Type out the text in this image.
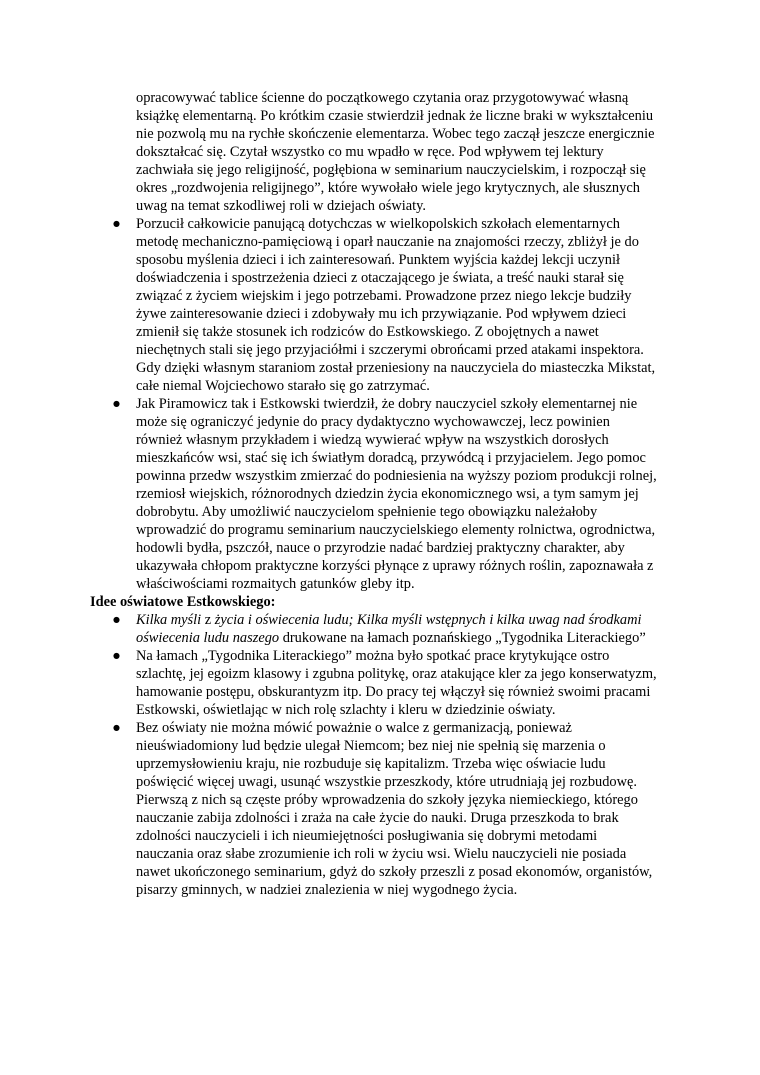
opracowywać tablice ścienne do początkowego czytania oraz przygotowywać własną książkę elementarną. Po krótkim czasie stwierdził jednak że liczne braki w wykształceniu nie pozwolą mu na rychłe skończenie elementarza. Wobec tego zaczął jeszcze energicznie dokształcać się. Czytał wszystko co mu wpadło w ręce. Pod wpływem tej lektury zachwiała się jego religijność, pogłębiona w seminarium nauczycielskim, i rozpoczął się okres „rozdwojenia religijnego”, które wywołało wiele jego krytycznych, ale słusznych uwag na temat szkodliwej roli w dziejach oświaty.

● Porzucił całkowicie panującą dotychczas w wielkopolskich szkołach elementarnych metodę mechaniczno-pamięciową i oparł nauczanie na znajomości rzeczy, zbliżył je do sposobu myślenia dzieci i ich zainteresowań. Punktem wyjścia każdej lekcji uczynił doświadczenia i spostrzeżenia dzieci z otaczającego je świata, a treść nauki starał się związać z życiem wiejskim i jego potrzebami. Prowadzone przez niego lekcje budziły żywe zainteresowanie dzieci i zdobywały mu ich przywiązanie. Pod wpływem dzieci zmienił się także stosunek ich rodziców do Estkowskiego. Z obojętnych a nawet niechętnych stali się jego przyjaciółmi i szczerymi obrońcami przed atakami inspektora. Gdy dzięki własnym staraniom został przeniesiony na nauczyciela do miasteczka Mikstat, całe niemal Wojciechowo starało się go zatrzymać.

● Jak Piramowicz tak i Estkowski twierdził, że dobry nauczyciel szkoły elementarnej nie może się ograniczyć jedynie do pracy dydaktyczno wychowawczej, lecz powinien również własnym przykładem i wiedzą wywierać wpływ na wszystkich dorosłych mieszkańców wsi, stać się ich światłym doradcą, przywódcą i przyjacielem. Jego pomoc powinna przedw wszystkim zmierzać do podniesienia na wyższy poziom produkcji rolnej, rzemiosł wiejskich, różnorodnych dziedzin życia ekonomicznego wsi, a tym samym jej dobrobytu. Aby umożliwić nauczycielom spełnienie tego obowiązku należałoby wprowadzić do programu seminarium nauczycielskiego elementy rolnictwa, ogrodnictwa, hodowli bydła, pszczół, nauce o przyrodzie nadać bardziej praktyczny charakter, aby ukazywała chłopom praktyczne korzyści płynące z uprawy różnych roślin, zapoznawała z właściwościami rozmaitych gatunków gleby itp.

Idee oświatowe Estkowskiego:

● Kilka myśli z życia i oświecenia ludu; Kilka myśli wstępnych i kilka uwag nad środkami oświecenia ludu naszego drukowane na łamach poznańskiego „Tygodnika Literackiego”

● Na łamach „Tygodnika Literackiego” można było spotkać prace krytykujące ostro szlachtę, jej egoizm klasowy i zgubna politykę, oraz atakujące kler za jego konserwatyzm, hamowanie postępu, obskurantyzm itp. Do pracy tej włączył się również swoimi pracami Estkowski, oświetlając w nich rolę szlachty i kleru w dziedzinie oświaty.

● Bez oświaty nie można mówić poważnie o walce z germanizacją, ponieważ nieuświadomiony lud będzie ulegał Niemcom; bez niej nie spełnią się marzenia o uprzemysłowieniu kraju, nie rozbuduje się kapitalizm. Trzeba więc oświacie ludu poświęcić więcej uwagi, usunąć wszystkie przeszkody, które utrudniają jej rozbudowę. Pierwszą z nich są częste próby wprowadzenia do szkoły języka niemieckiego, którego nauczanie zabija zdolności i zraża na całe życie do nauki. Druga przeszkoda to brak zdolności nauczycieli i ich nieumiejętności posługiwania się dobrymi metodami nauczania oraz słabe zrozumienie ich roli w życiu wsi. Wielu nauczycieli nie posiada nawet ukończonego seminarium, gdyż do szkoły przeszli z posad ekonomów, organistów, pisarzy gminnych, w nadziei znalezienia w niej wygodnego życia.
